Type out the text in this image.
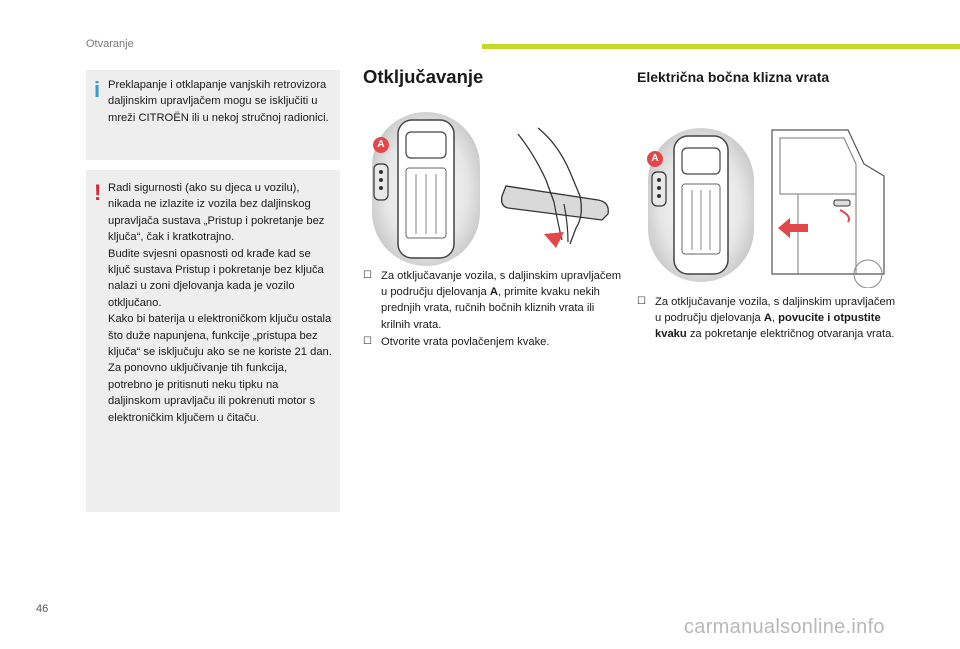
Otvaranje
i Preklapanje i otklapanje vanjskih retrovizora daljinskim upravljačem mogu se isključiti u mreži CITROËN ili u nekoj stručnoj radionici.

! Radi sigurnosti (ako su djeca u vozilu), nikada ne izlazite iz vozila bez daljinskog upravljača sustava „Pristup i pokretanje bez ključa“, čak i kratkotrajno.

Budite svjesni opasnosti od krađe kad se ključ sustava Pristup i pokretanje bez ključa nalazi u zoni djelovanja kada je vozilo otključano.

Kako bi baterija u elektroničkom ključu ostala što duže napunjena, funkcije „pristupa bez ključa“ se isključuju ako se ne koriste 21 dan.

Za ponovno uključivanje tih funkcija, potrebno je pritisnuti neku tipku na daljinskom upravljaču ili pokrenuti motor s elektroničkim ključem u čitaču.

Otključavanje
A
☐ Za otključavanje vozila, s daljinskim upravljačem u području djelovanja A, primite kvaku nekih prednjih vrata, ručnih bočnih kliznih vrata ili krilnih vrata.
☐ Otvorite vrata povlačenjem kvake.
Električna bočna klizna vrata
A
☐ Za otključavanje vozila, s daljinskim upravljačem u području djelovanja A, povucite i otpustite kvaku za pokretanje električnog otvaranja vrata.
46
carmanualsonline.info
